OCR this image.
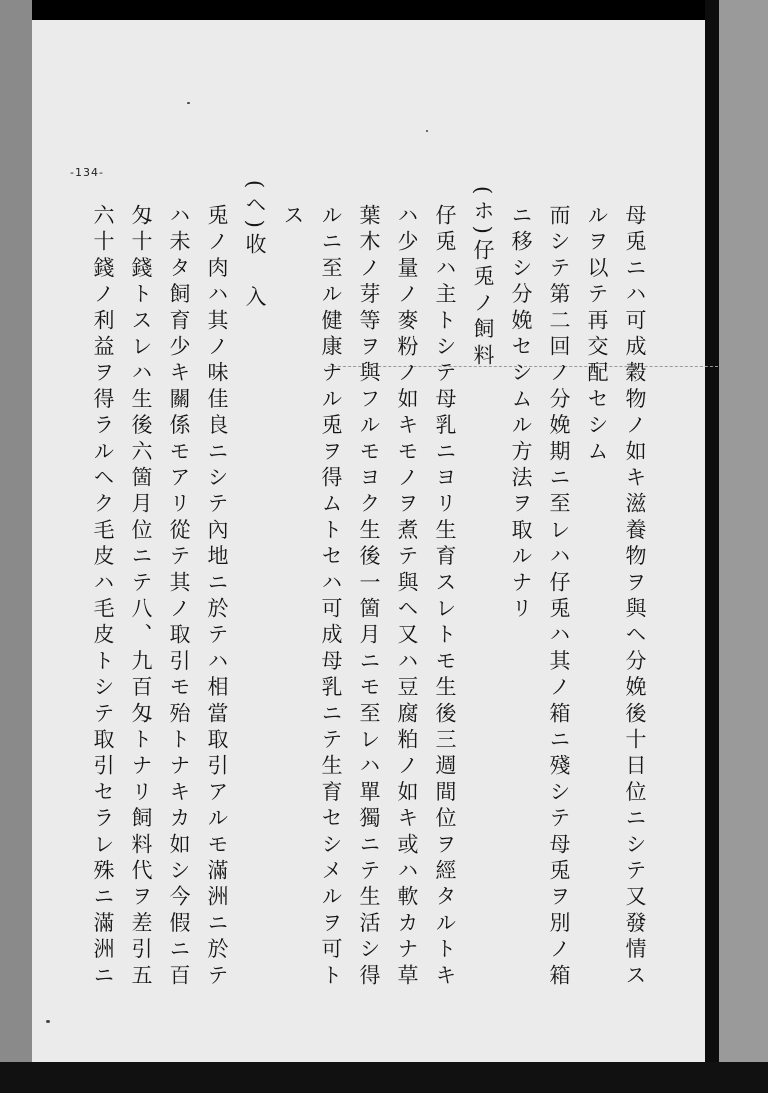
-134-
母兎ニハ可成穀物ノ如キ滋養物ヲ與ヘ分娩後十日位ニシテ又發情ス
ルヲ以テ再交配セシム
而シテ第二回ノ分娩期ニ至レハ仔兎ハ其ノ箱ニ殘シテ母兎ヲ別ノ箱
ニ移シ分娩セシムル方法ヲ取ルナリ
(ホ)仔兎ノ飼料
仔兎ハ主トシテ母乳ニヨリ生育スレトモ生後三週間位ヲ經タルトキ
ハ少量ノ麥粉ノ如キモノヲ煮テ與ヘ又ハ豆腐粕ノ如キ或ハ軟カナ草
葉木ノ芽等ヲ與フルモヨク生後一箇月ニモ至レハ單獨ニテ生活シ得
ルニ至ル健康ナル兎ヲ得ムトセハ可成母乳ニテ生育セシメルヲ可ト
ス
(ヘ)收　入
兎ノ肉ハ其ノ味佳良ニシテ內地ニ於テハ相當取引アルモ滿洲ニ於テ
ハ未タ飼育少キ關係モアリ從テ其ノ取引モ殆トナキカ如シ今假ニ百
匁十錢トスレハ生後六箇月位ニテ八、九百匁トナリ飼料代ヲ差引五
六十錢ノ利益ヲ得ラルヘク毛皮ハ毛皮トシテ取引セラレ殊ニ滿洲ニ
